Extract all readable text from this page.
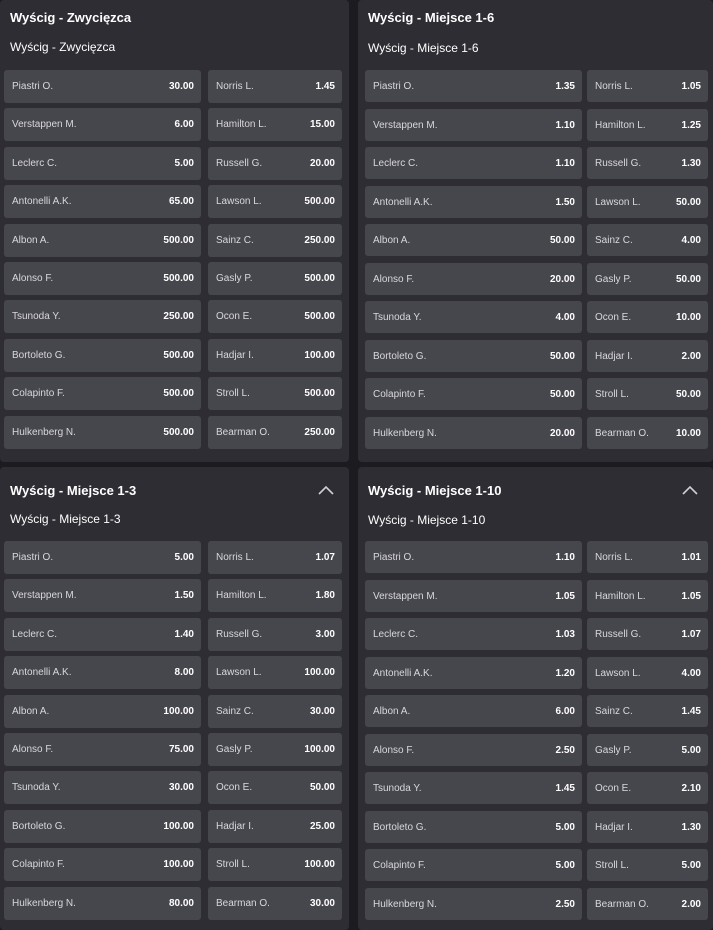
Wyścig - Zwycięzca
Wyścig - Zwycięzca
Piastri O.	30.00 Norris L.	1.45
Verstappen M.	6.00 Hamilton L.	15.00
Leclerc C.	5.00 Russell G.	20.00
Antonelli A.K.	65.00 Lawson L.	500.00
Albon A.	500.00 Sainz C.	250.00
Alonso F.	500.00 Gasly P.	500.00
Tsunoda Y.	250.00 Ocon E.	500.00
Bortoleto G.	500.00 Hadjar I.	100.00
Colapinto F.	500.00 Stroll L.	500.00
Hulkenberg N.	500.00 Bearman O.	250.00
Wyścig - Miejsce 1-6
Wyścig - Miejsce 1-6
Piastri O.	1.35 Norris L.	1.05
Verstappen M.	1.10 Hamilton L.	1.25
Leclerc C.	1.10 Russell G.	1.30
Antonelli A.K.	1.50 Lawson L.	50.00
Albon A.	50.00 Sainz C.	4.00
Alonso F.	20.00 Gasly P.	50.00
Tsunoda Y.	4.00 Ocon E.	10.00
Bortoleto G.	50.00 Hadjar I.	2.00
Colapinto F.	50.00 Stroll L.	50.00
Hulkenberg N.	20.00 Bearman O.	10.00
Wyścig - Miejsce 1-3
Wyścig - Miejsce 1-3
Piastri O.	5.00 Norris L.	1.07
Verstappen M.	1.50 Hamilton L.	1.80
Leclerc C.	1.40 Russell G.	3.00
Antonelli A.K.	8.00 Lawson L.	100.00
Albon A.	100.00 Sainz C.	30.00
Alonso F.	75.00 Gasly P.	100.00
Tsunoda Y.	30.00 Ocon E.	50.00
Bortoleto G.	100.00 Hadjar I.	25.00
Colapinto F.	100.00 Stroll L.	100.00
Hulkenberg N.	80.00 Bearman O.	30.00
Wyścig - Miejsce 1-10
Wyścig - Miejsce 1-10
Piastri O.	1.10 Norris L.	1.01
Verstappen M.	1.05 Hamilton L.	1.05
Leclerc C.	1.03 Russell G.	1.07
Antonelli A.K.	1.20 Lawson L.	4.00
Albon A.	6.00 Sainz C.	1.45
Alonso F.	2.50 Gasly P.	5.00
Tsunoda Y.	1.45 Ocon E.	2.10
Bortoleto G.	5.00 Hadjar I.	1.30
Colapinto F.	5.00 Stroll L.	5.00
Hulkenberg N.	2.50 Bearman O.	2.00
